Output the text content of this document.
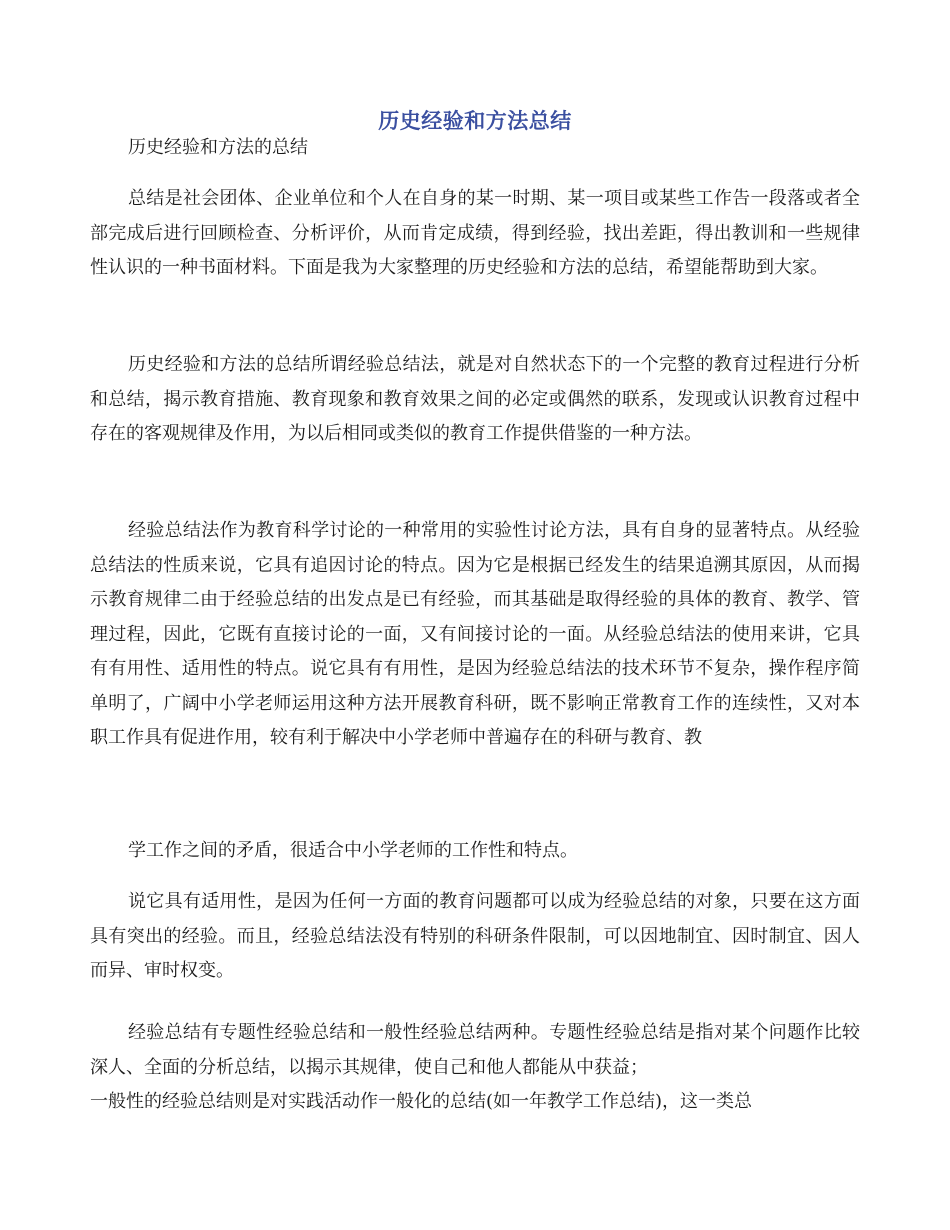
历史经验和方法总结

历史经验和方法的总结

总结是社会团体、企业单位和个人在自身的某一时期、某一项目或某些工作告一段落或者全部完成后进行回顾检查、分析评价，从而肯定成绩，得到经验，找出差距，得出教训和一些规律性认识的一种书面材料。下面是我为大家整理的历史经验和方法的总结，希望能帮助到大家。

历史经验和方法的总结所谓经验总结法，就是对自然状态下的一个完整的教育过程进行分析和总结，揭示教育措施、教育现象和教育效果之间的必定或偶然的联系，发现或认识教育过程中存在的客观规律及作用，为以后相同或类似的教育工作提供借鉴的一种方法。

经验总结法作为教育科学讨论的一种常用的实验性讨论方法，具有自身的显著特点。从经验总结法的性质来说，它具有追因讨论的特点。因为它是根据已经发生的结果追溯其原因，从而揭示教育规律二由于经验总结的出发点是已有经验，而其基础是取得经验的具体的教育、教学、管理过程，因此，它既有直接讨论的一面，又有间接讨论的一面。从经验总结法的使用来讲，它具有有用性、适用性的特点。说它具有有用性，是因为经验总结法的技术环节不复杂，操作程序简单明了，广阔中小学老师运用这种方法开展教育科研，既不影响正常教育工作的连续性，又对本职工作具有促进作用，较有利于解决中小学老师中普遍存在的科研与教育、教

学工作之间的矛盾，很适合中小学老师的工作性和特点。

说它具有适用性，是因为任何一方面的教育问题都可以成为经验总结的对象，只要在这方面具有突出的经验。而且，经验总结法没有特别的科研条件限制，可以因地制宜、因时制宜、因人而异、审时权变。

经验总结有专题性经验总结和一般性经验总结两种。专题性经验总结是指对某个问题作比较深人、全面的分析总结，以揭示其规律，使自己和他人都能从中获益；

一般性的经验总结则是对实践活动作一般化的总结(如一年教学工作总结)，这一类总
